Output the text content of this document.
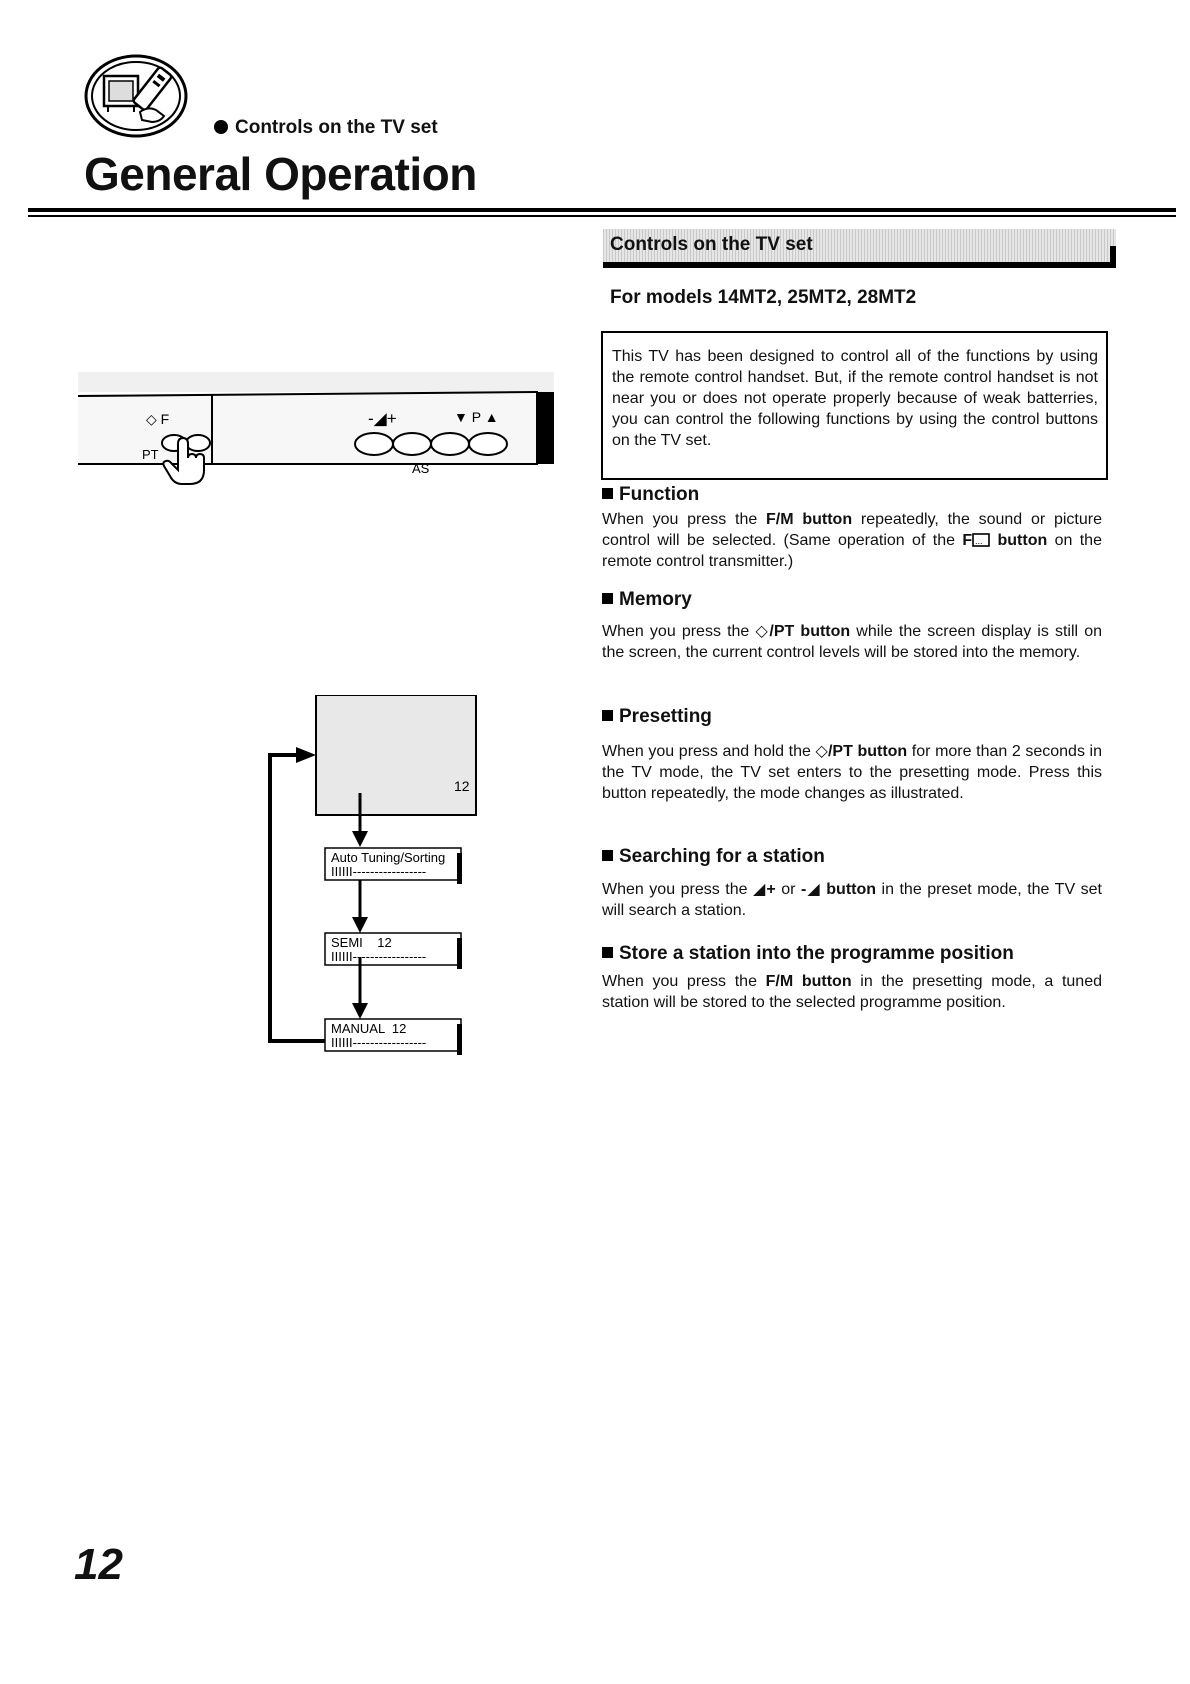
Controls on the TV set
General Operation
Controls on the TV set
For models 14MT2, 25MT2, 28MT2
This TV has been designed to control all of the functions by using the remote control handset. But, if the remote control handset is not near you or does not operate properly because of weak batterries, you can control the following functions by using the control buttons on the TV set.
Function
When you press the F/M button repeatedly, the sound or picture control will be selected. (Same operation of the F ... button on the remote control transmitter.)
Memory
When you press the ◇/PT button while the screen display is still on the screen, the current control levels will be stored into the memory.
Presetting
When you press and hold the ◇/PT button for more than 2 seconds in the TV mode, the TV set enters to the presetting mode. Press this button repeatedly, the mode changes as illustrated.
Searching for a station
When you press the ◢+ or -◢ button in the preset mode, the TV set will search a station.
Store a station into the programme position
When you press the F/M button in the presetting mode, a tuned station will be stored to the selected programme position.
◇ F
PT
-◢+	▼ P ▲
AS
12
Auto Tuning/Sorting
IIIIII-----------------
SEMI    12
IIIIII-----------------
MANUAL  12
IIIIII-----------------
12
